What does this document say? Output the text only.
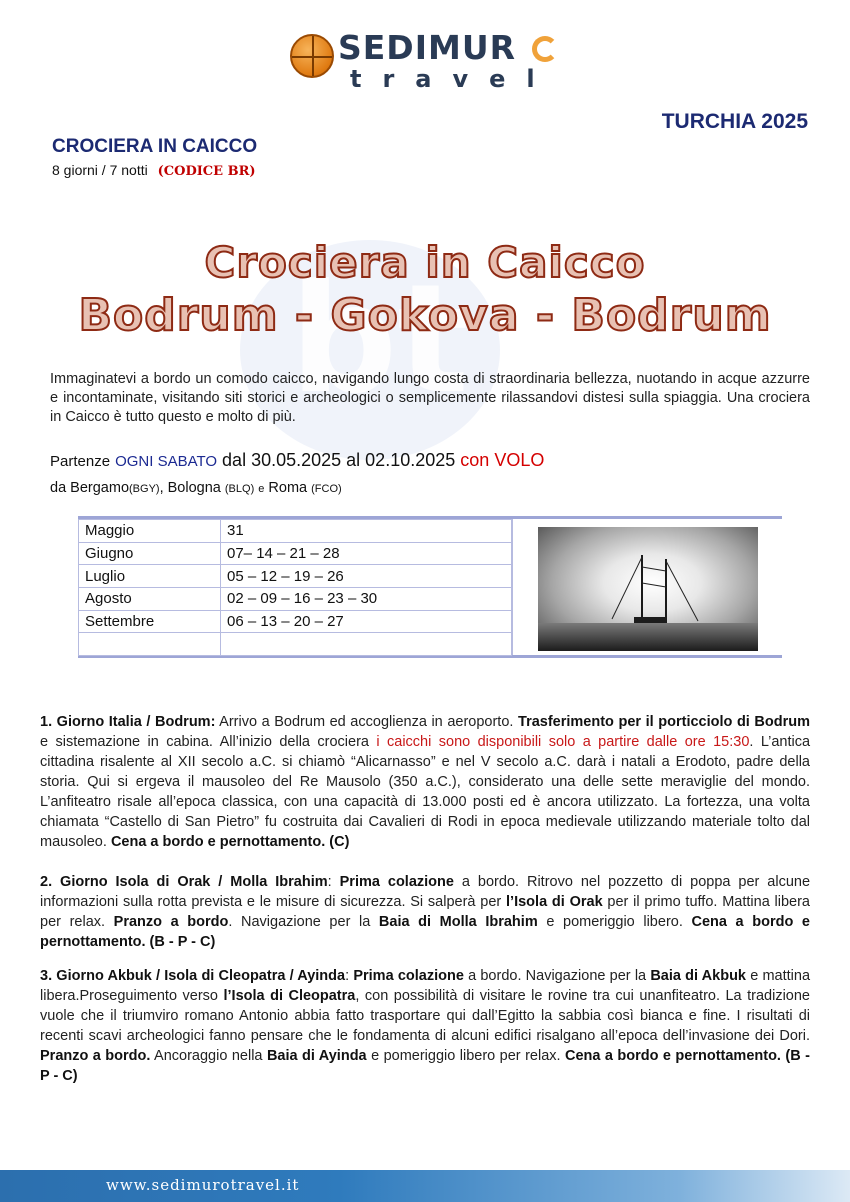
SEDIMUR
travel
TURCHIA 2025
CROCIERA IN CAICCO
8 giorni / 7 notti (CODICE BR)
bt
Crociera in Caicco
Bodrum - Gokova - Bodrum

Immaginatevi a bordo un comodo caicco, navigando lungo costa di straordinaria bellezza, nuotando in acque azzurre e incontaminate, visitando siti storici e archeologici o semplicemente rilassandovi distesi sulla spiaggia. Una crociera in Caicco è tutto questo e molto di più.

Partenze OGNI SABATO dal 30.05.2025 al 02.10.2025 con VOLO
da Bergamo(BGY), Bologna (BLQ) e Roma (FCO)
Maggio	31
Giugno	07– 14 – 21 – 28
Luglio	05 – 12 – 19 – 26
Agosto	02 – 09 – 16 – 23 – 30
Settembre	06 – 13 – 20 – 27

1. Giorno Italia / Bodrum: Arrivo a Bodrum ed accoglienza in aeroporto. Trasferimento per il porticciolo di Bodrum e sistemazione in cabina. All’inizio della crociera i caicchi sono disponibili solo a partire dalle ore 15:30. L’antica cittadina risalente al XII secolo a.C. si chiamò “Alicarnasso” e nel V secolo a.C. darà i natali a Erodoto, padre della storia. Qui si ergeva il mausoleo del Re Mausolo (350 a.C.), considerato una delle sette meraviglie del mondo. L’anfiteatro risale all’epoca classica, con una capacità di 13.000 posti ed è ancora utilizzato. La fortezza, una volta chiamata “Castello di San Pietro” fu costruita dai Cavalieri di Rodi in epoca medievale utilizzando materiale tolto dal mausoleo. Cena a bordo e pernottamento. (C)

2. Giorno Isola di Orak / Molla Ibrahim: Prima colazione a bordo. Ritrovo nel pozzetto di poppa per alcune informazioni sulla rotta prevista e le misure di sicurezza. Si salperà per l’Isola di Orak per il primo tuffo. Mattina libera per relax. Pranzo a bordo. Navigazione per la Baia di Molla Ibrahim e pomeriggio libero. Cena a bordo e pernottamento. (B - P - C)

3. Giorno Akbuk / Isola di Cleopatra / Ayinda: Prima colazione a bordo. Navigazione per la Baia di Akbuk e mattina libera.Proseguimento verso l’Isola di Cleopatra, con possibilità di visitare le rovine tra cui unanfiteatro. La tradizione vuole che il triumviro romano Antonio abbia fatto trasportare qui dall’Egitto la sabbia così bianca e fine. I risultati di recenti scavi archeologici fanno pensare che le fondamenta di alcuni edifici risalgano all’epoca dell’invasione dei Dori. Pranzo a bordo. Ancoraggio nella Baia di Ayinda e pomeriggio libero per relax. Cena a bordo e pernottamento. (B - P - C)

www.sedimurotravel.it
